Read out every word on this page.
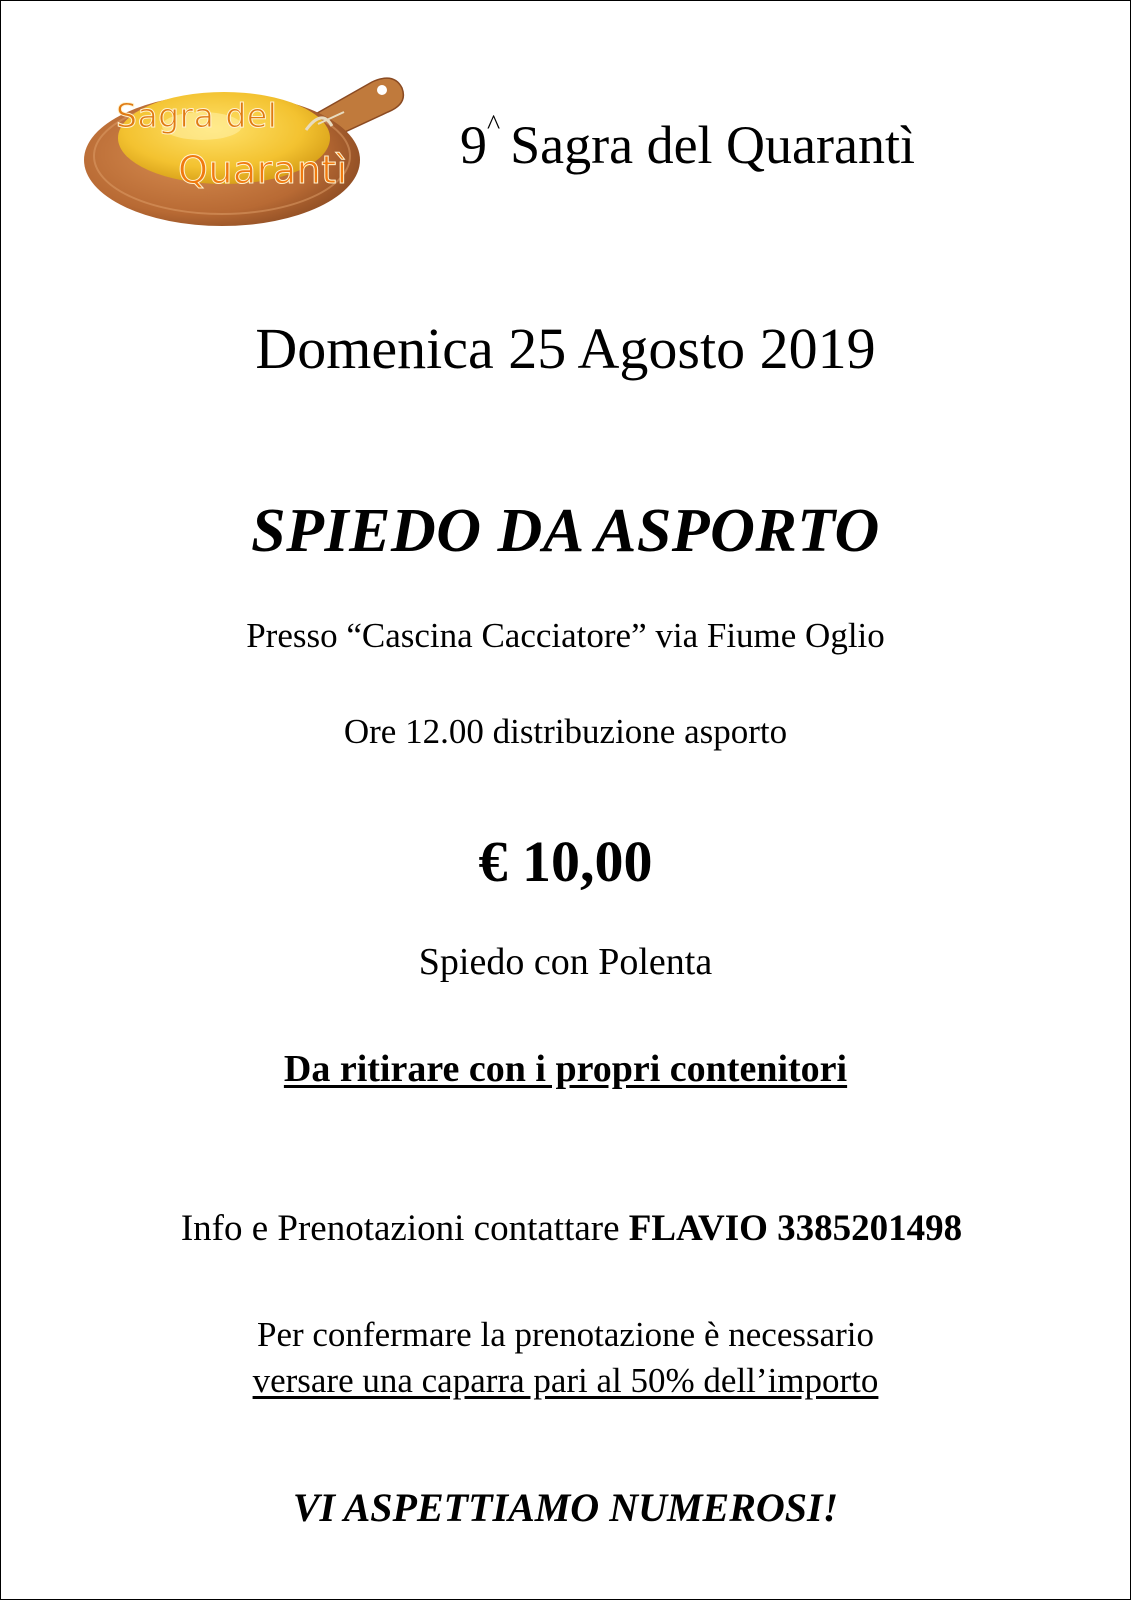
Sagra del
Quarantì 9^ Sagra del Quarantì
Domenica 25 Agosto 2019
SPIEDO DA ASPORTO
Presso “Cascina Cacciatore” via Fiume Oglio
Ore 12.00 distribuzione asporto
€ 10,00
Spiedo con Polenta
Da ritirare con i propri contenitori
Info e Prenotazioni contattare FLAVIO 3385201498
Per confermare la prenotazione è necessario
versare una caparra pari al 50% dell’importo
VI ASPETTIAMO NUMEROSI!
